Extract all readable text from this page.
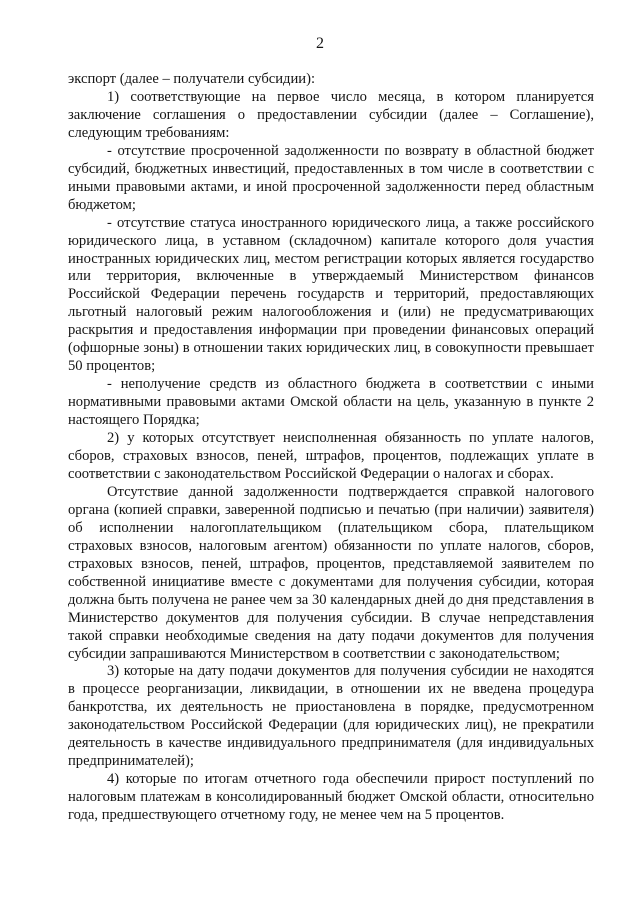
2

экспорт (далее – получатели субсидии):

1) соответствующие на первое число месяца, в котором планируется заключение соглашения о предоставлении субсидии (далее – Соглашение), следующим требованиям:

- отсутствие просроченной задолженности по возврату в областной бюджет субсидий, бюджетных инвестиций, предоставленных в том числе в соответствии с иными правовыми актами, и иной просроченной задолженности перед областным бюджетом;

- отсутствие статуса иностранного юридического лица, а также российского юридического лица, в уставном (складочном) капитале которого доля участия иностранных юридических лиц, местом регистрации которых является государство или территория, включенные в утверждаемый Министерством финансов Российской Федерации перечень государств и территорий, предоставляющих льготный налоговый режим налогообложения и (или) не предусматривающих раскрытия и предоставления информации при проведении финансовых операций (офшорные зоны) в отношении таких юридических лиц, в совокупности превышает 50 процентов;

- неполучение средств из областного бюджета в соответствии с иными нормативными правовыми актами Омской области на цель, указанную в пункте 2 настоящего Порядка;

2) у которых отсутствует неисполненная обязанность по уплате налогов, сборов, страховых взносов, пеней, штрафов, процентов, подлежащих уплате в соответствии с законодательством Российской Федерации о налогах и сборах.

Отсутствие данной задолженности подтверждается справкой налогового органа (копией справки, заверенной подписью и печатью (при наличии) заявителя) об исполнении налогоплательщиком (плательщиком сбора, плательщиком страховых взносов, налоговым агентом) обязанности по уплате налогов, сборов, страховых взносов, пеней, штрафов, процентов, представляемой заявителем по собственной инициативе вместе с документами для получения субсидии, которая должна быть получена не ранее чем за 30 календарных дней до дня представления в Министерство документов для получения субсидии. В случае непредставления такой справки необходимые сведения на дату подачи документов для получения субсидии запрашиваются Министерством в соответствии с законодательством;

3) которые на дату подачи документов для получения субсидии не находятся в процессе реорганизации, ликвидации, в отношении их не введена процедура банкротства, их деятельность не приостановлена в порядке, предусмотренном законодательством Российской Федерации (для юридических лиц), не прекратили деятельность в качестве индивидуального предпринимателя (для индивидуальных предпринимателей);

4) которые по итогам отчетного года обеспечили прирост поступлений по налоговым платежам в консолидированный бюджет Омской области, относительно года, предшествующего отчетному году, не менее чем на 5 процентов.
